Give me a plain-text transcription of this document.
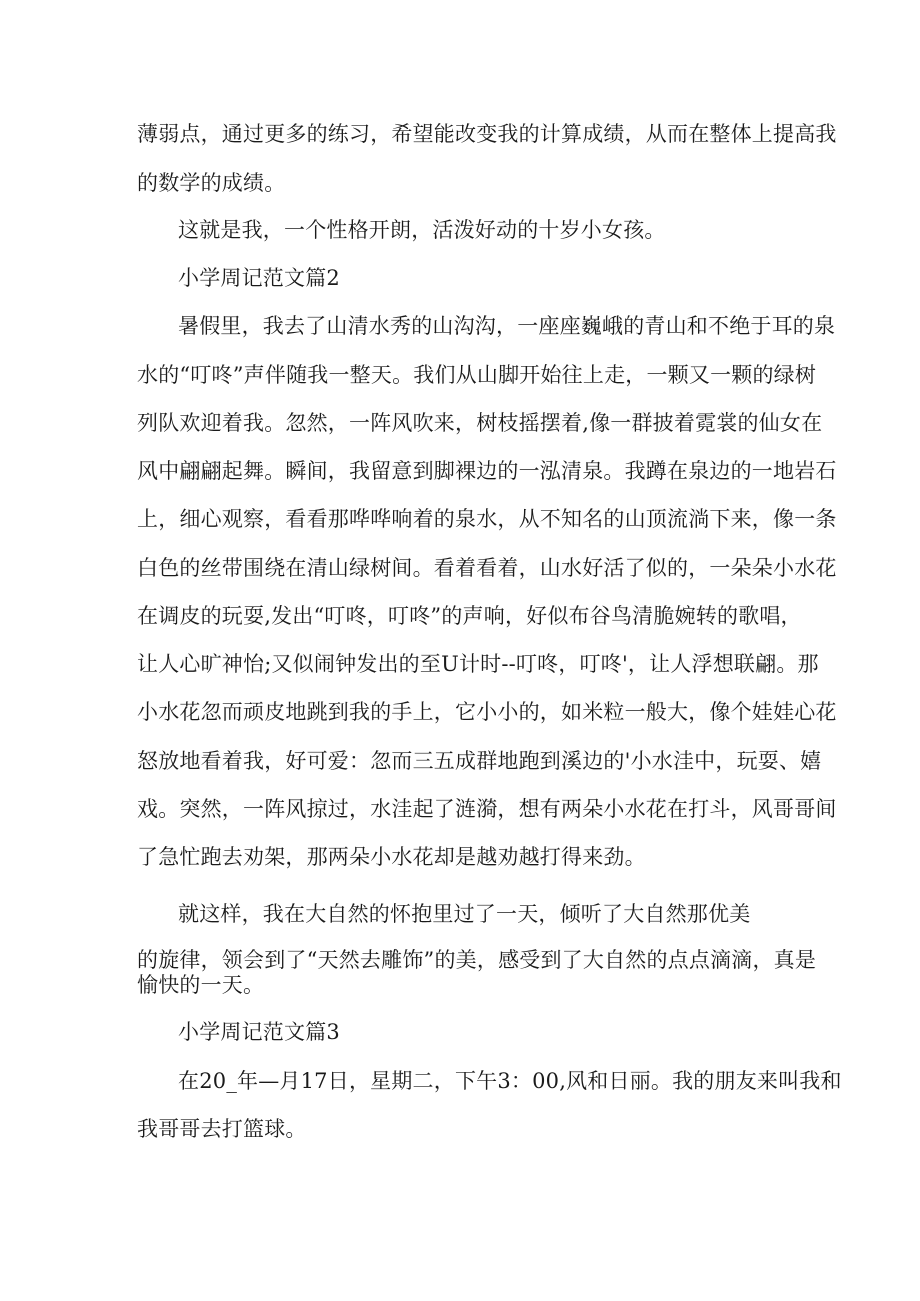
薄弱点，通过更多的练习，希望能改变我的计算成绩，从而在整体上提高我
的数学的成绩。
这就是我，一个性格开朗，活泼好动的十岁小女孩。
小学周记范文篇2
暑假里，我去了山清水秀的山沟沟，一座座巍峨的青山和不绝于耳的泉
水的“叮咚”声伴随我一整天。我们从山脚开始往上走，一颗又一颗的绿树
列队欢迎着我。忽然，一阵风吹来，树枝摇摆着,像一群披着霓裳的仙女在
风中翩翩起舞。瞬间，我留意到脚裸边的一泓清泉。我蹲在泉边的一地岩石
上，细心观察，看看那哗哗响着的泉水，从不知名的山顶流淌下来，像一条
白色的丝带围绕在清山绿树间。看着看着，山水好活了似的，一朵朵小水花
在调皮的玩耍,发出“叮咚，叮咚”的声响，好似布谷鸟清脆婉转的歌唱，
让人心旷神怡;又似闹钟发出的至U计时--叮咚，叮咚'，让人浮想联翩。那
小水花忽而顽皮地跳到我的手上，它小小的，如米粒一般大，像个娃娃心花
怒放地看着我，好可爱：忽而三五成群地跑到溪边的'小水洼中，玩耍、嬉
戏。突然，一阵风掠过，水洼起了涟漪，想有两朵小水花在打斗，风哥哥间
了急忙跑去劝架，那两朵小水花却是越劝越打得来劲。
就这样，我在大自然的怀抱里过了一天，倾听了大自然那优美
的旋律，领会到了“天然去雕饰”的美，感受到了大自然的点点滴滴，真是
愉快的一天。
小学周记范文篇3
在20_年—月17日，星期二，下午3：00,风和日丽。我的朋友来叫我和
我哥哥去打篮球。
